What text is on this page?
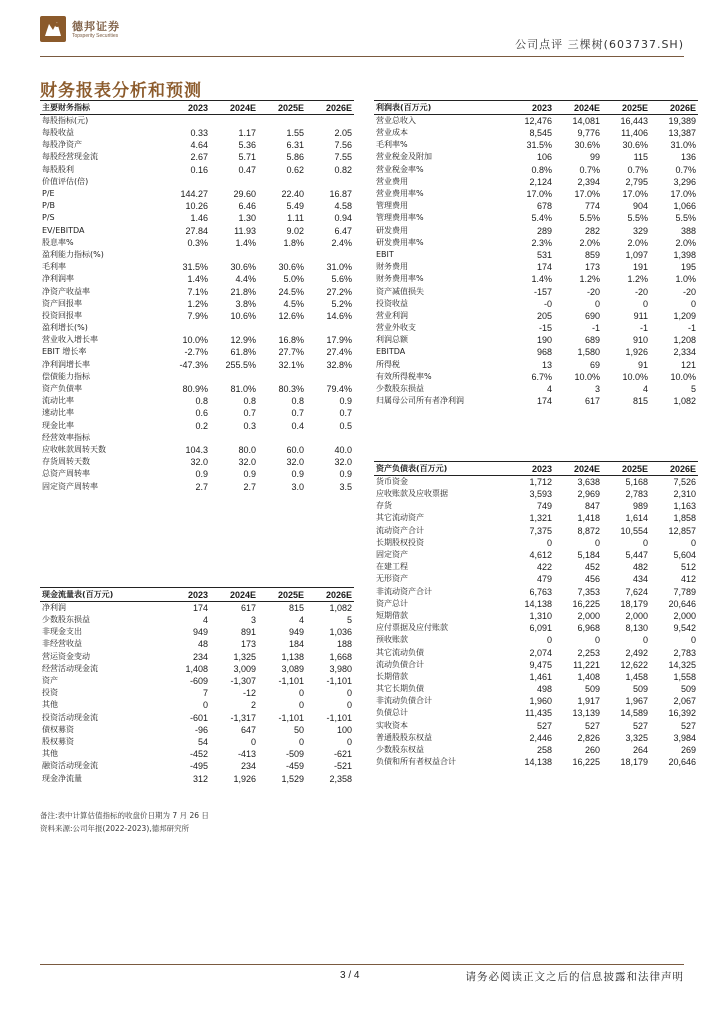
德邦证券
Topsperity Securities
公司点评 三棵树(603737.SH)
财务报表分析和预测
主要财务指标	2023	2024E	2025E	2026E
每股指标(元)				
每股收益	0.33	1.17	1.55	2.05
每股净资产	4.64	5.36	6.31	7.56
每股经营现金流	2.67	5.71	5.86	7.55
每股股利	0.16	0.47	0.62	0.82
价值评估(倍)				
P/E	144.27	29.60	22.40	16.87
P/B	10.26	6.46	5.49	4.58
P/S	1.46	1.30	1.11	0.94
EV/EBITDA	27.84	11.93	9.02	6.47
股息率%	0.3%	1.4%	1.8%	2.4%
盈利能力指标(%)				
毛利率	31.5%	30.6%	30.6%	31.0%
净利润率	1.4%	4.4%	5.0%	5.6%
净资产收益率	7.1%	21.8%	24.5%	27.2%
资产回报率	1.2%	3.8%	4.5%	5.2%
投资回报率	7.9%	10.6%	12.6%	14.6%
盈利增长(%)				
营业收入增长率	10.0%	12.9%	16.8%	17.9%
EBIT 增长率	-2.7%	61.8%	27.7%	27.4%
净利润增长率	-47.3%	255.5%	32.1%	32.8%
偿债能力指标				
资产负债率	80.9%	81.0%	80.3%	79.4%
流动比率	0.8	0.8	0.8	0.9
速动比率	0.6	0.7	0.7	0.7
现金比率	0.2	0.3	0.4	0.5
经营效率指标				
应收帐款周转天数	104.3	80.0	60.0	40.0
存货周转天数	32.0	32.0	32.0	32.0
总资产周转率	0.9	0.9	0.9	0.9
固定资产周转率	2.7	2.7	3.0	3.5
利润表(百万元)	2023	2024E	2025E	2026E
营业总收入	12,476	14,081	16,443	19,389
营业成本	8,545	9,776	11,406	13,387
毛利率%	31.5%	30.6%	30.6%	31.0%
营业税金及附加	106	99	115	136
营业税金率%	0.8%	0.7%	0.7%	0.7%
营业费用	2,124	2,394	2,795	3,296
营业费用率%	17.0%	17.0%	17.0%	17.0%
管理费用	678	774	904	1,066
管理费用率%	5.4%	5.5%	5.5%	5.5%
研发费用	289	282	329	388
研发费用率%	2.3%	2.0%	2.0%	2.0%
EBIT	531	859	1,097	1,398
财务费用	174	173	191	195
财务费用率%	1.4%	1.2%	1.2%	1.0%
资产减值损失	-157	-20	-20	-20
投资收益	-0	0	0	0
营业利润	205	690	911	1,209
营业外收支	-15	-1	-1	-1
利润总额	190	689	910	1,208
EBITDA	968	1,580	1,926	2,334
所得税	13	69	91	121
有效所得税率%	6.7%	10.0%	10.0%	10.0%
少数股东损益	4	3	4	5
归属母公司所有者净利润	174	617	815	1,082
资产负债表(百万元)	2023	2024E	2025E	2026E
货币资金	1,712	3,638	5,168	7,526
应收账款及应收票据	3,593	2,969	2,783	2,310
存货	749	847	989	1,163
其它流动资产	1,321	1,418	1,614	1,858
流动资产合计	7,375	8,872	10,554	12,857
长期股权投资	0	0	0	0
固定资产	4,612	5,184	5,447	5,604
在建工程	422	452	482	512
无形资产	479	456	434	412
非流动资产合计	6,763	7,353	7,624	7,789
资产总计	14,138	16,225	18,179	20,646
短期借款	1,310	2,000	2,000	2,000
应付票据及应付账款	6,091	6,968	8,130	9,542
预收账款	0	0	0	0
其它流动负债	2,074	2,253	2,492	2,783
流动负债合计	9,475	11,221	12,622	14,325
长期借款	1,461	1,408	1,458	1,558
其它长期负债	498	509	509	509
非流动负债合计	1,960	1,917	1,967	2,067
负债总计	11,435	13,139	14,589	16,392
实收资本	527	527	527	527
普通股股东权益	2,446	2,826	3,325	3,984
少数股东权益	258	260	264	269
负债和所有者权益合计	14,138	16,225	18,179	20,646
现金流量表(百万元)	2023	2024E	2025E	2026E
净利润	174	617	815	1,082
少数股东损益	4	3	4	5
非现金支出	949	891	949	1,036
非经营收益	48	173	184	188
营运资金变动	234	1,325	1,138	1,668
经营活动现金流	1,408	3,009	3,089	3,980
资产	-609	-1,307	-1,101	-1,101
投资	7	-12	0	0
其他	0	2	0	0
投资活动现金流	-601	-1,317	-1,101	-1,101
债权募资	-96	647	50	100
股权募资	54	0	0	0
其他	-452	-413	-509	-621
融资活动现金流	-495	234	-459	-521
现金净流量	312	1,926	1,529	2,358
备注:表中计算估值指标的收盘价日期为 7 月 26 日
资料来源:公司年报(2022-2023),德邦研究所
3 / 4	请务必阅读正文之后的信息披露和法律声明
